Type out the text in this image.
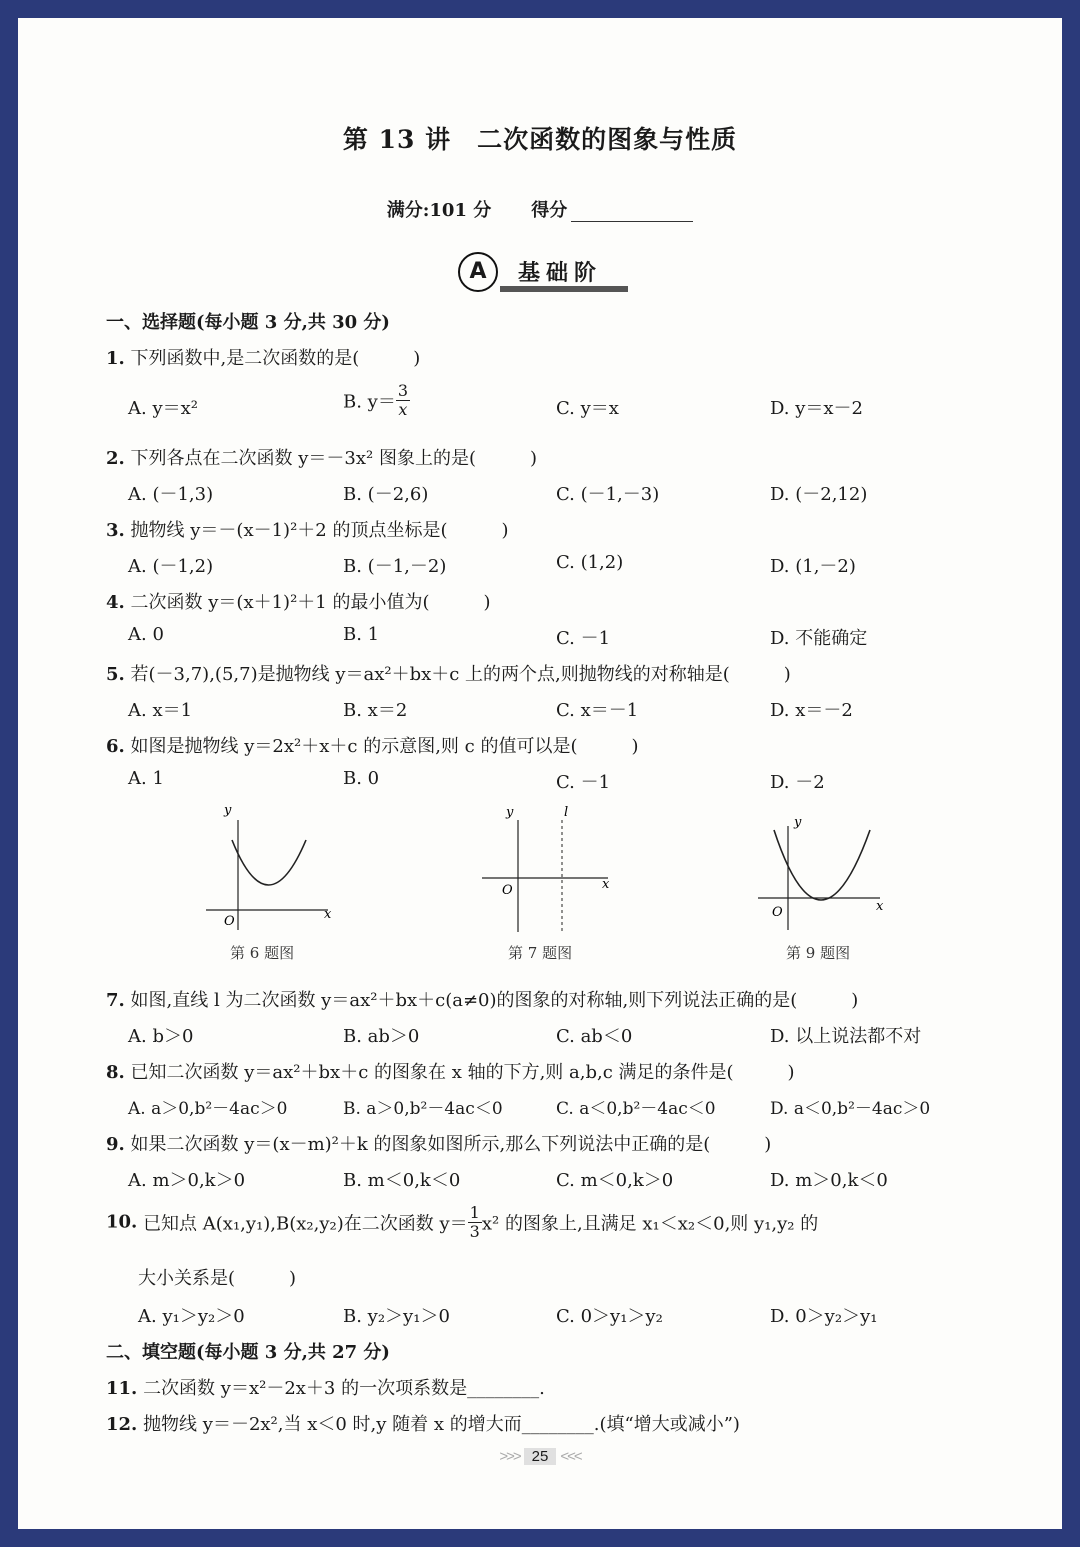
第 13 讲　二次函数的图象与性质
满分:101 分 得分
A	基础阶
一、选择题(每小题 3 分,共 30 分)
1. 下列函数中,是二次函数的是(　　　)
A. y＝x²	B. $y= \frac{3}{x}$	C. y＝x	D. y＝x－2
2. 下列各点在二次函数 y＝－3x² 图象上的是(　　　)
A. (－1,3)	B. (－2,6)	C. (－1,－3)	D. (－2,12)
3. 抛物线 y＝－(x－1)²＋2 的顶点坐标是(　　　)
A. (－1,2)	B. (－1,－2)	C. (1,2)	D. (1,－2)
4. 二次函数 y＝(x＋1)²＋1 的最小值为(　　　)
A. 0	B. 1	C. －1	D. 不能确定
5. 若(－3,7),(5,7)是抛物线 y＝ax²＋bx＋c 上的两个点,则抛物线的对称轴是(　　　)
A. x＝1	B. x＝2	C. x＝－1	D. x＝－2
6. 如图是抛物线 y＝2x²＋x＋c 的示意图,则 c 的值可以是(　　　)
A. 1	B. 0	C. －1	D. －2
y
x
O
第 6 题图
y	l
x
O
第 7 题图
y
x
O
第 9 题图
7. 如图,直线 l 为二次函数 y＝ax²＋bx＋c(a≠0)的图象的对称轴,则下列说法正确的是(　　　)
A. b＞0	B. ab＞0	C. ab＜0	D. 以上说法都不对
8. 已知二次函数 y＝ax²＋bx＋c 的图象在 x 轴的下方,则 a,b,c 满足的条件是(　　　)
A. a＞0,b²－4ac＞0	B. a＞0,b²－4ac＜0	C. a＜0,b²－4ac＜0	D. a＜0,b²－4ac＞0
9. 如果二次函数 y＝(x－m)²＋k 的图象如图所示,那么下列说法中正确的是(　　　)
A. m＞0,k＞0	B. m＜0,k＜0	C. m＜0,k＞0	D. m＞0,k＜0
10. 已知点 A(x₁,y₁),B(x₂,y₂)在二次函数 $y= \frac{1}{3} x^2$ 的图象上,且满足 x₁＜x₂＜0,则 y₁,y₂ 的
大小关系是(　　　)
A. y₁＞y₂＞0	B. y₂＞y₁＞0	C. 0＞y₁＞y₂	D. 0＞y₂＞y₁
二、填空题(每小题 3 分,共 27 分)
11. 二次函数 y＝x²－2x＋3 的一次项系数是________.
12. 抛物线 y＝－2x²,当 x＜0 时,y 随着 x 的增大而________.(填“增大或减小”)
>>> 25 <<<
